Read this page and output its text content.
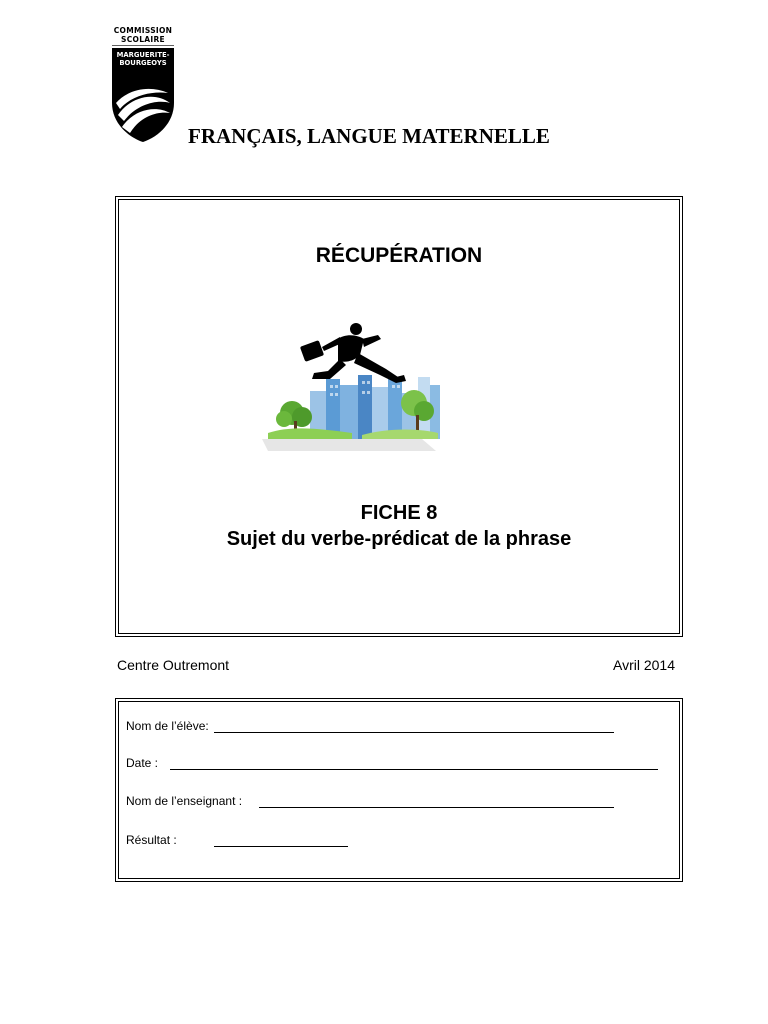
COMMISSION
SCOLAIRE
MARGUERITE-
BOURGEOYS
FRANÇAIS, LANGUE MATERNELLE
RÉCUPÉRATION
FICHE 8
Sujet du verbe-prédicat de la phrase
Centre Outremont	Avril 2014
Nom de l’élève:
Date :
Nom de l’enseignant :
Résultat :
